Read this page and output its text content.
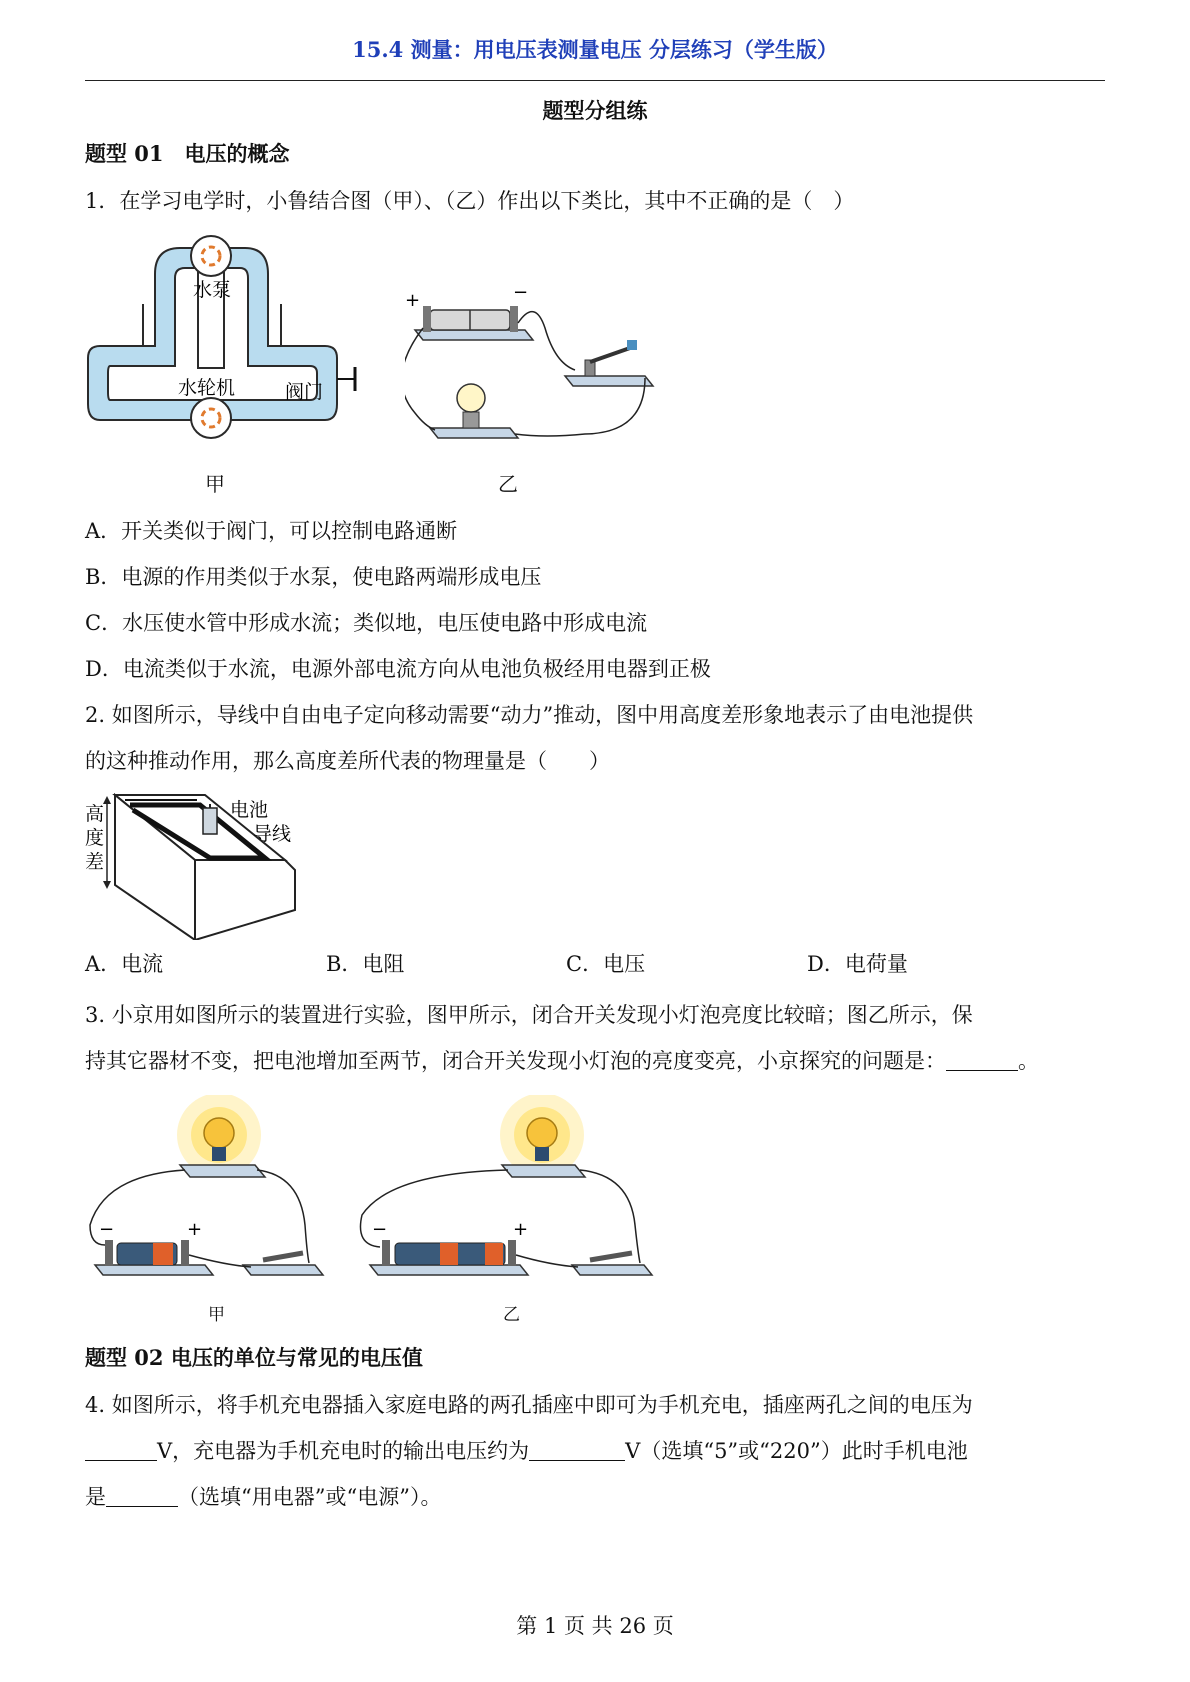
15.4 测量：用电压表测量电压 分层练习（学生版）
题型分组练
题型 01　电压的概念
1．在学习电学时，小鲁结合图（甲）、（乙）作出以下类比，其中不正确的是（　）
水泵
水轮机	阀门
甲
+	−
乙
A．开关类似于阀门，可以控制电路通断
B．电源的作用类似于水泵，使电路两端形成电压
C．水压使水管中形成水流；类似地，电压使电路中形成电流
D．电流类似于水流，电源外部电流方向从电池负极经用电器到正极
2. 如图所示，导线中自由电子定向移动需要“动力”推动，图中用高度差形象地表示了由电池提供
的这种推动作用，那么高度差所代表的物理量是（　　）
电池
导线
高
度
差
A．电流	B．电阻	C．电压	D．电荷量
3. 小京用如图所示的装置进行实验，图甲所示，闭合开关发现小灯泡亮度比较暗；图乙所示，保
持其它器材不变，把电池增加至两节，闭合开关发现小灯泡的亮度变亮，小京探究的问题是：	。
−	+
甲
−	+
乙
题型 02 电压的单位与常见的电压值
4. 如图所示，将手机充电器插入家庭电路的两孔插座中即可为手机充电，插座两孔之间的电压为
V，充电器为手机充电时的输出电压约为	V（选填“5”或“220”）此时手机电池
是	（选填“用电器”或“电源”）。
第 1 页 共 26 页
